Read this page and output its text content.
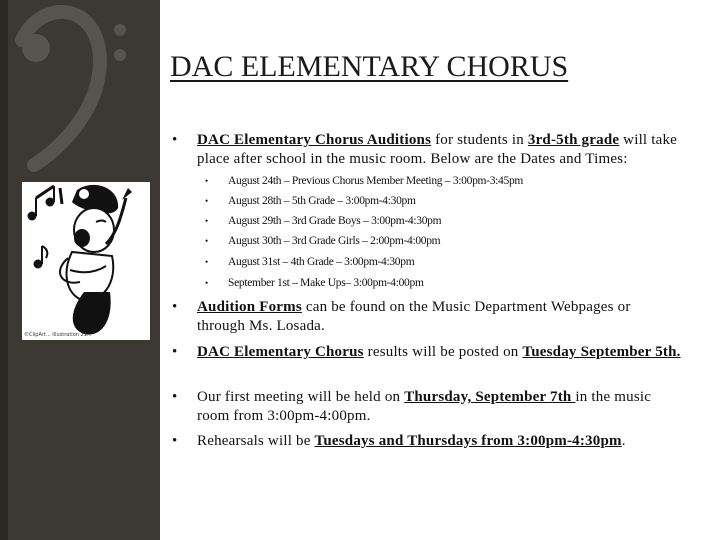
©ClipArt... Illustration 21...
DAC ELEMENTARY CHORUS
• DAC Elementary Chorus Auditions for students in 3rd-5th grade will take place after school in the music room. Below are the Dates and Times:
• August 24th – Previous Chorus Member Meeting – 3:00pm-3:45pm
• August 28th – 5th Grade – 3:00pm-4:30pm
• August 29th – 3rd Grade Boys – 3:00pm-4:30pm
• August 30th – 3rd Grade Girls – 2:00pm-4:00pm
• August 31st – 4th Grade – 3:00pm-4:30pm
• September 1st – Make Ups– 3:00pm-4:00pm
• Audition Forms can be found on the Music Department Webpages or through Ms. Losada.
• DAC Elementary Chorus results will be posted on Tuesday September 5th.
• Our first meeting will be held on Thursday, September 7th in the music room from 3:00pm-4:00pm.
• Rehearsals will be Tuesdays and Thursdays from 3:00pm-4:30pm.
